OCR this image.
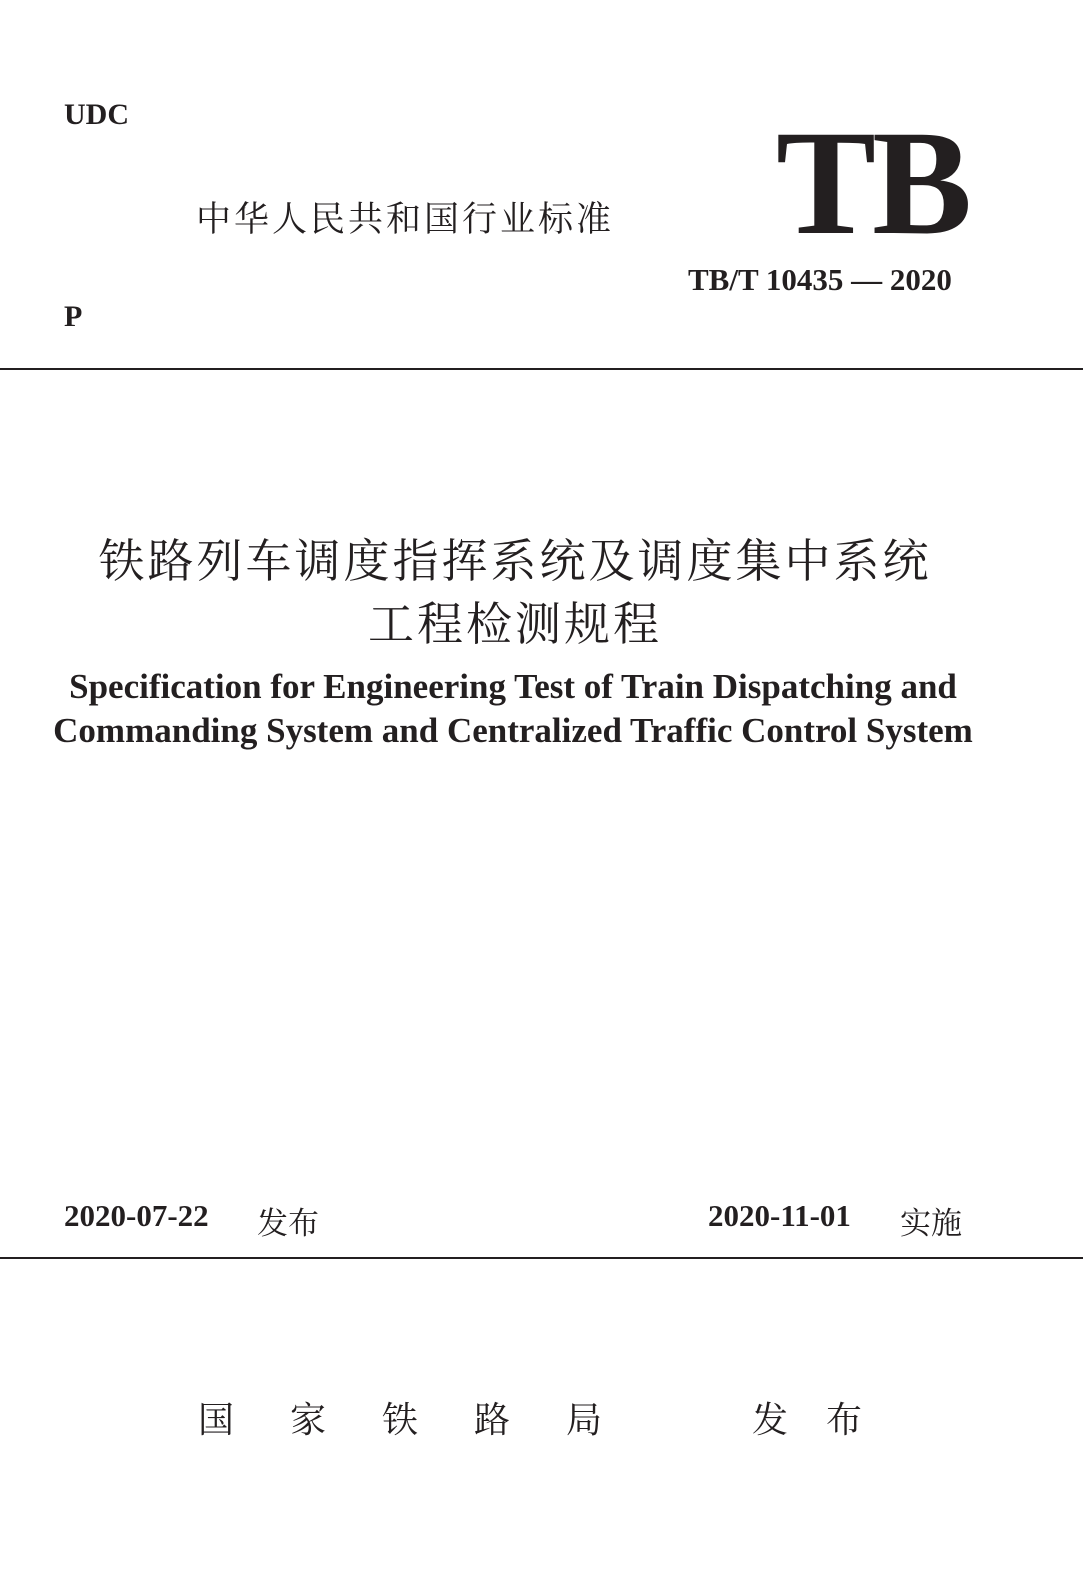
UDC
中华人民共和国行业标准 TB
TB/T 10435 — 2020
P
铁路列车调度指挥系统及调度集中系统
工程检测规程
Specification for Engineering Test of Train Dispatching and
Commanding System and Centralized Traffic Control System
2020-07-22 发布	2020-11-01 实施
国 家 铁 路 局	发 布
